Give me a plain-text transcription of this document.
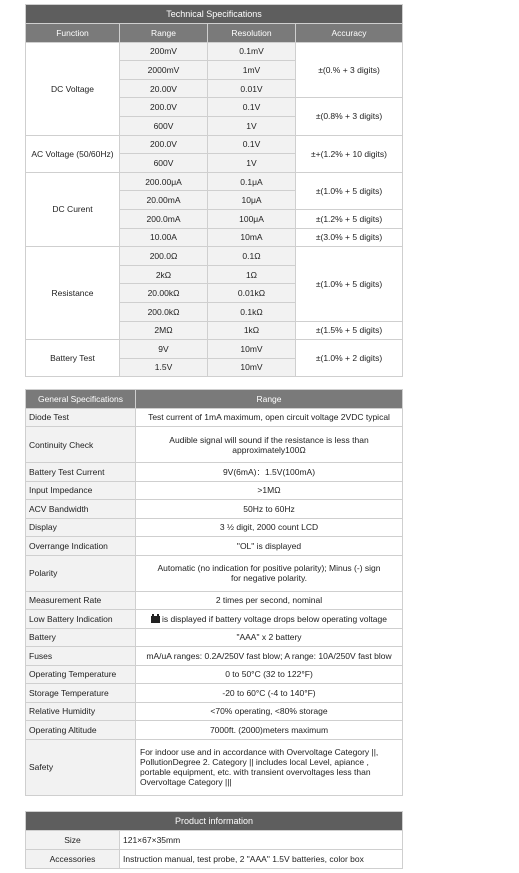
Technical Specifications			
Function	Range	Resolution	Accuracy
DC Voltage	200mV	0.1mV	±(0.% + 3 digits)
	2000mV	1mV	
	20.00V	0.01V	
	200.0V	0.1V	±(0.8% + 3 digits)
	600V	1V	
AC Voltage (50/60Hz)	200.0V	0.1V	±+(1.2% + 10 digits)
	600V	1V	
DC Curent	200.00μA	0.1μA	±(1.0% + 5 digits)
	20.00mA	10μA	
	200.0mA	100μA	±(1.2% + 5 digits)
	10.00A	10mA	±(3.0% + 5 digits)
Resistance	200.0Ω	0.1Ω	±(1.0% + 5 digits)
	2kΩ	1Ω	
	20.00kΩ	0.01kΩ	
	200.0kΩ	0.1kΩ	
	2MΩ	1kΩ	±(1.5% + 5 digits)
Battery Test	9V	10mV	±(1.0% + 2 digits)
	1.5V	10mV	
General Specifications	Range
Diode Test	Test current of 1mA maximum, open circuit voltage 2VDC typical
Continuity Check	Audible signal will sound if the resistance is less than approximately100Ω
Battery Test Current	9V(6mA)：1.5V(100mA)
Input Impedance	>1MΩ
ACV Bandwidth	50Hz to 60Hz
Display	3 ½ digit, 2000 count LCD
Overrange Indication	"OL" is displayed
Polarity	Automatic (no indication for positive polarity); Minus (-) sign for negative polarity.
Measurement Rate	2 times per second, nominal
Low Battery Indication	is displayed if battery voltage drops below operating voltage
Battery	"AAA" x 2 battery
Fuses	mA/uA ranges: 0.2A/250V fast blow; A range: 10A/250V fast blow
Operating Temperature	0 to 50°C (32 to 122°F)
Storage Temperature	-20 to 60°C (-4 to 140°F)
Relative Humidity	<70% operating, <80% storage
Operating Altitude	7000ft. (2000)meters maximum
Safety	For indoor use and in accordance with Overvoltage Category ||, PollutionDegree 2. Category || includes local Level, apiance , portable equipment, etc. with transient overvoltages less than Overvoltage Category |||
Product information	
Size	121×67×35mm
Accessories	Instruction manual, test probe, 2 "AAA" 1.5V batteries, color box
